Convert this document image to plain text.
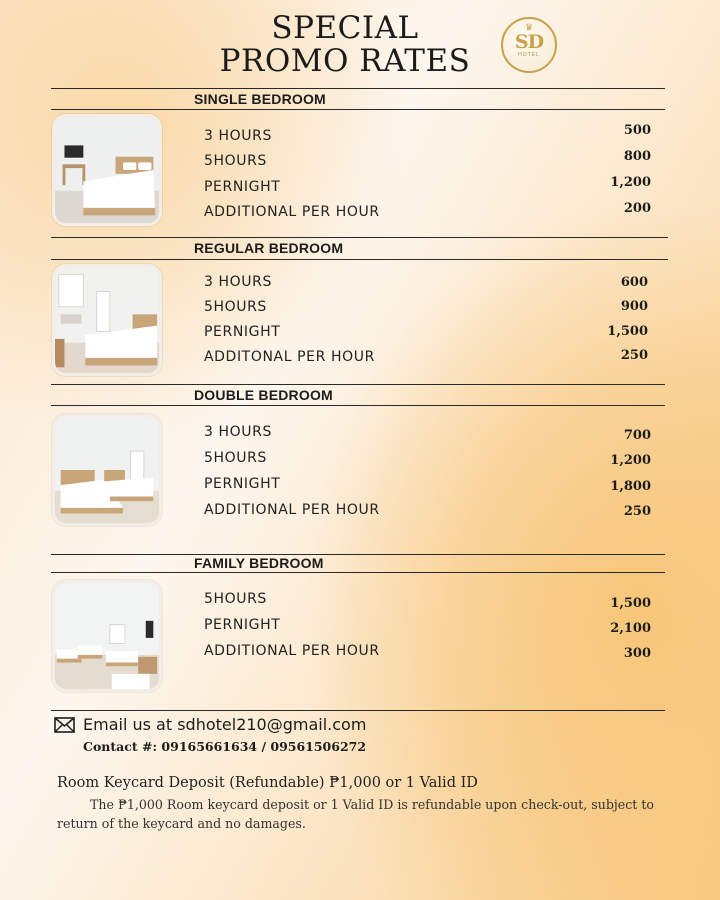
SPECIAL
PROMO RATES
♛
SD
HOTEL
SINGLE BEDROOM
3 HOURS	500
5HOURS	800
PERNIGHT	1,200
ADDITIONAL PER HOUR	200
REGULAR BEDROOM
3 HOURS	600
5HOURS	900
PERNIGHT	1,500
ADDITONAL PER HOUR	250
DOUBLE BEDROOM
3 HOURS	700
5HOURS	1,200
PERNIGHT	1,800
ADDITIONAL PER HOUR	250
FAMILY BEDROOM
5HOURS	1,500
PERNIGHT	2,100
ADDITIONAL PER HOUR	300
Email us at sdhotel210@gmail.com
Contact #: 09165661634 / 09561506272
Room Keycard Deposit (Refundable) ₱1,000 or 1 Valid ID
The ₱1,000 Room keycard deposit or 1 Valid ID is refundable upon check-out, subject to return of the keycard and no damages.
